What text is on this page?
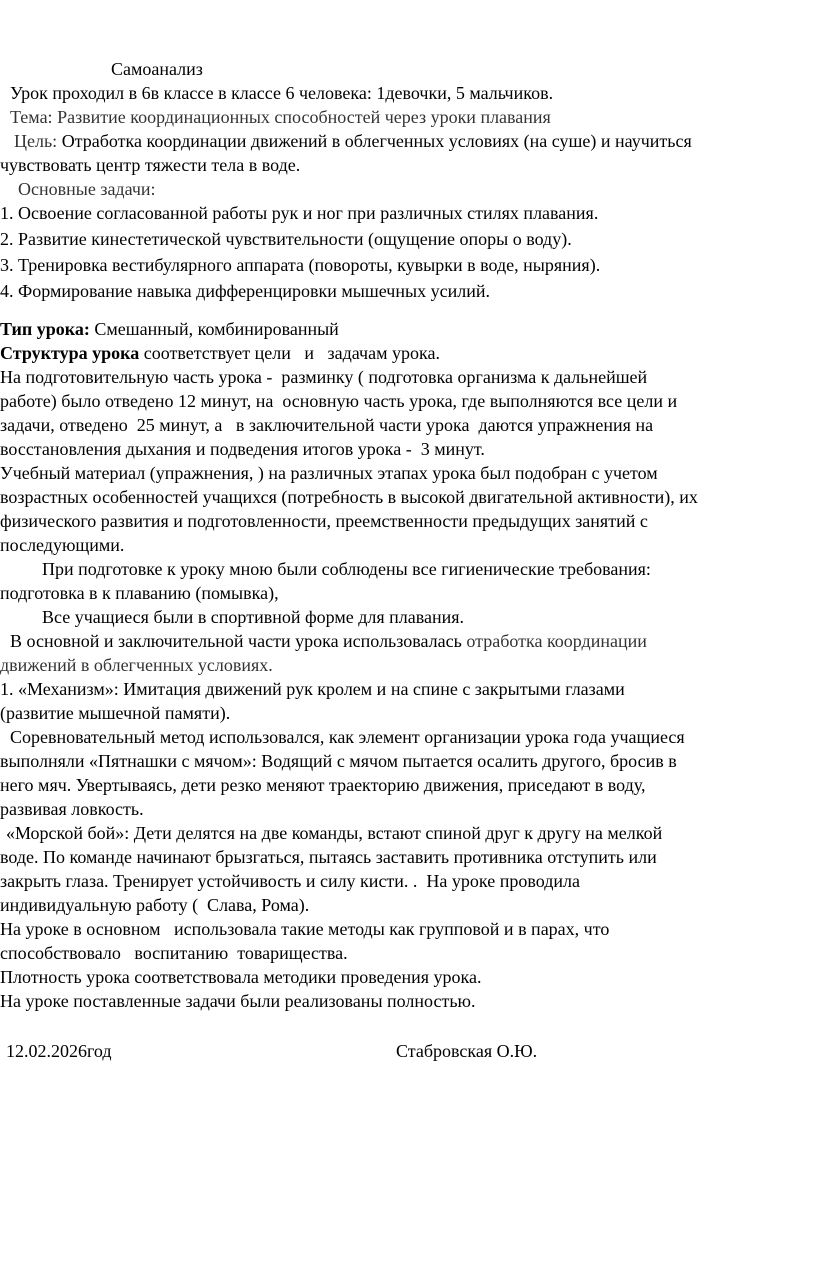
Самоанализ
Урок проходил в 6в классе в классе 6 человека: 1девочки, 5 мальчиков.
Тема: Развитие координационных способностей через уроки плавания
Цель: Отработка координации движений в облегченных условиях (на суше) и научиться
чувствовать центр тяжести тела в воде.
Основные задачи:
1. Освоение согласованной работы рук и ног при различных стилях плавания.
2. Развитие кинестетической чувствительности (ощущение опоры о воду).
3. Тренировка вестибулярного аппарата (повороты, кувырки в воде, ныряния).
4. Формирование навыка дифференцировки мышечных усилий.
Тип урока: Смешанный, комбинированный
Структура урока соответствует цели   и   задачам урока.
На подготовительную часть урока -  разминку ( подготовка организма к дальнейшей
работе) было отведено 12 минут, на  основную часть урока, где выполняются все цели и
задачи, отведено  25 минут, а   в заключительной части урока  даются упражнения на
восстановления дыхания и подведения итогов урока -  3 минут.
Учебный материал (упражнения, ) на различных этапах урока был подобран с учетом
возрастных особенностей учащихся (потребность в высокой двигательной активности), их
физического развития и подготовленности, преемственности предыдущих занятий с
последующими.
При подготовке к уроку мною были соблюдены все гигиенические требования:
подготовка в к плаванию (помывка),
Все учащиеся были в спортивной форме для плавания.
В основной и заключительной части урока использовалась отработка координации
движений в облегченных условиях.
1. «Механизм»: Имитация движений рук кролем и на спине с закрытыми глазами
(развитие мышечной памяти).
Соревновательный метод использовался, как элемент организации урока года учащиеся
выполняли «Пятнашки с мячом»: Водящий с мячом пытается осалить другого, бросив в
него мяч. Увертываясь, дети резко меняют траекторию движения, приседают в воду,
развивая ловкость.
«Морской бой»: Дети делятся на две команды, встают спиной друг к другу на мелкой
воде. По команде начинают брызгаться, пытаясь заставить противника отступить или
закрыть глаза. Тренирует устойчивость и силу кисти. .  На уроке проводила
индивидуальную работу (  Слава, Рома).
На уроке в основном   использовала такие методы как групповой и в парах, что
способствовало   воспитанию  товарищества.
Плотность урока соответствовала методики проведения урока.
На уроке поставленные задачи были реализованы полностью.
12.02.2026год	Стабровская О.Ю.
